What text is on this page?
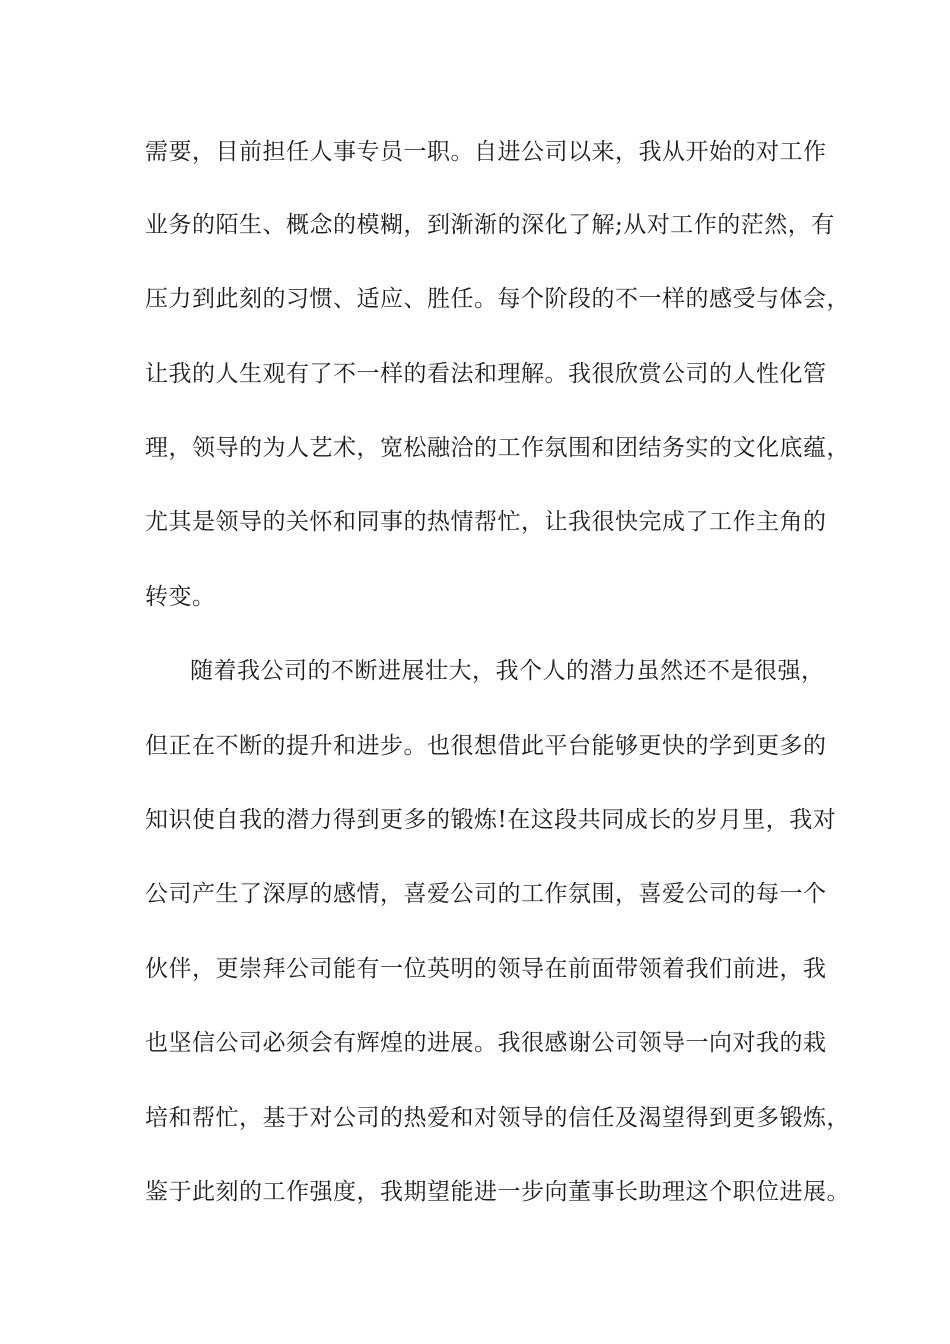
需要，目前担任人事专员一职。自进公司以来，我从开始的对工作
业务的陌生、概念的模糊，到渐渐的深化了解;从对工作的茫然，有
压力到此刻的习惯、适应、胜任。每个阶段的不一样的感受与体会，
让我的人生观有了不一样的看法和理解。我很欣赏公司的人性化管
理，领导的为人艺术，宽松融洽的工作氛围和团结务实的文化底蕴，
尤其是领导的关怀和同事的热情帮忙，让我很快完成了工作主角的
转变。
随着我公司的不断进展壮大，我个人的潜力虽然还不是很强，
但正在不断的提升和进步。也很想借此平台能够更快的学到更多的
知识使自我的潜力得到更多的锻炼!在这段共同成长的岁月里，我对
公司产生了深厚的感情，喜爱公司的工作氛围，喜爱公司的每一个
伙伴，更崇拜公司能有一位英明的领导在前面带领着我们前进，我
也坚信公司必须会有辉煌的进展。我很感谢公司领导一向对我的栽
培和帮忙，基于对公司的热爱和对领导的信任及渴望得到更多锻炼，
鉴于此刻的工作强度，我期望能进一步向董事长助理这个职位进展。
